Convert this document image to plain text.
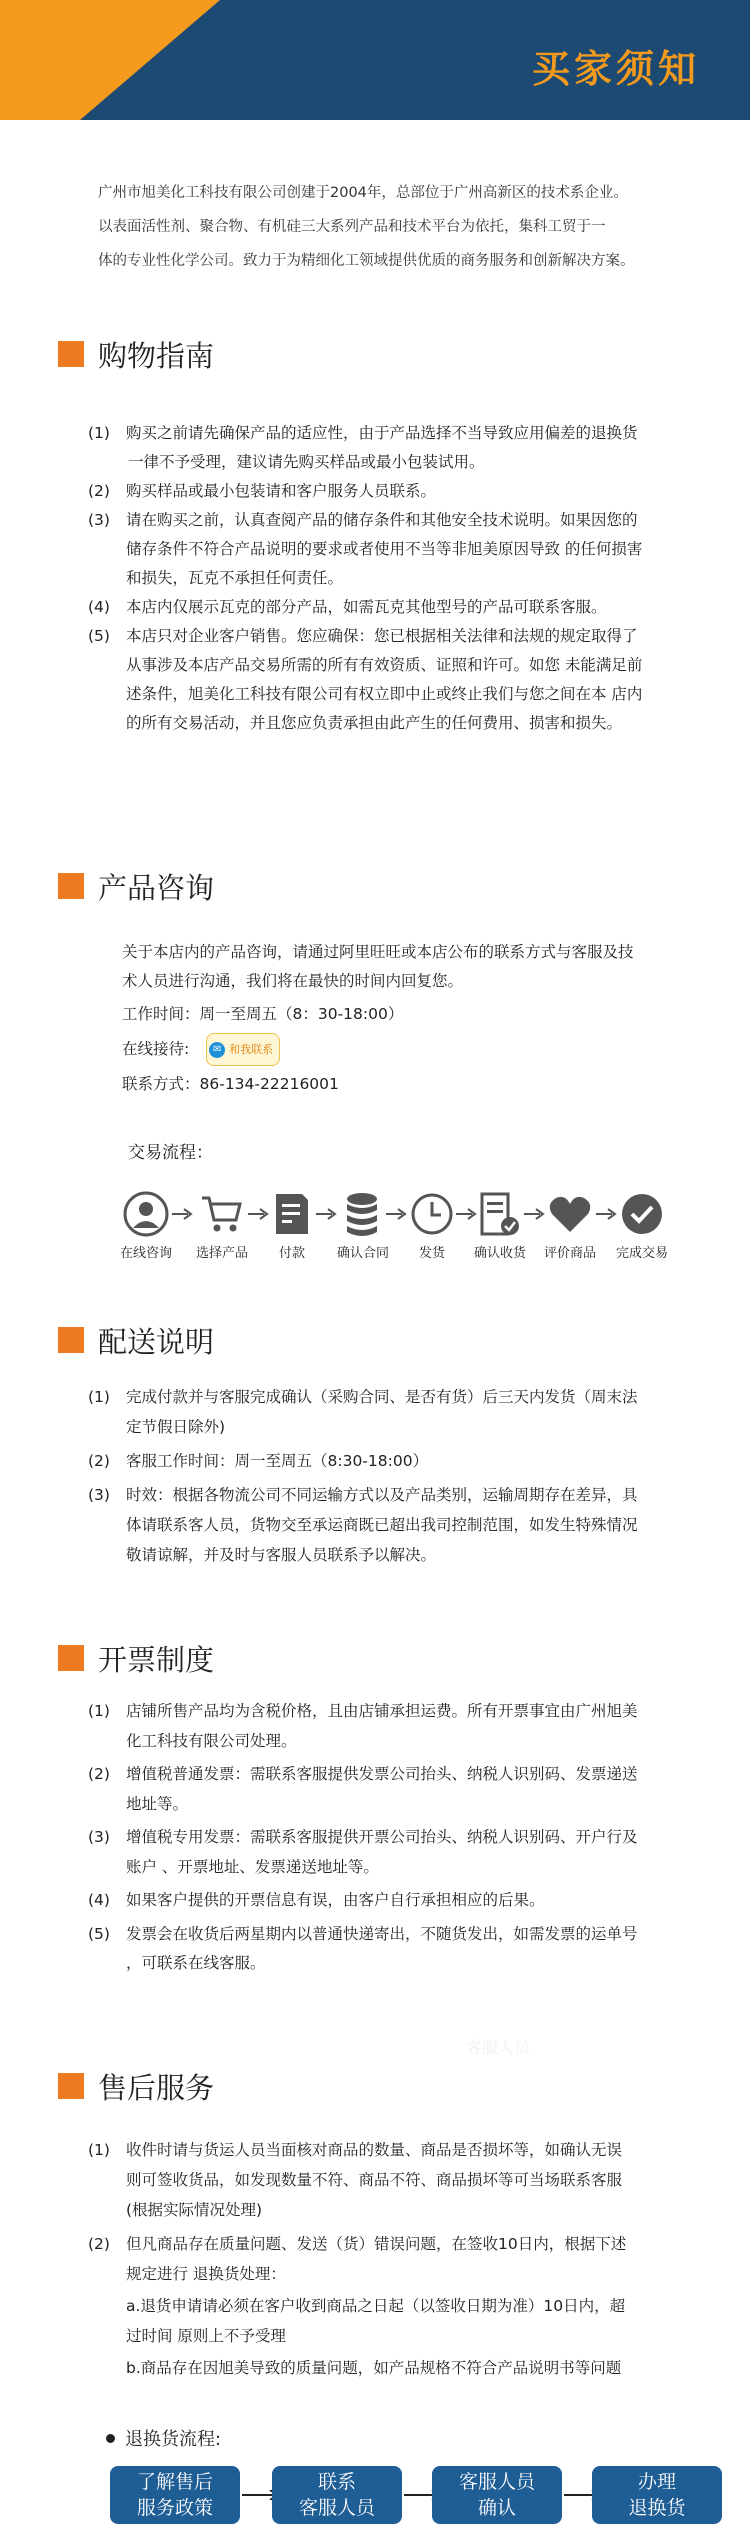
买家须知
广州市旭美化工科技有限公司创建于2004年，总部位于广州高新区的技术系企业。
以表面活性剂、聚合物、有机硅三大系列产品和技术平台为依托，集科工贸于一
体的专业性化学公司。致力于为精细化工领域提供优质的商务服务和创新解决方案。
购物指南
(1)	购买之前请先确保产品的适应性，由于产品选择不当导致应用偏差的退换货
一律不予受理，建议请先购买样品或最小包装试用。
(2)	购买样品或最小包装请和客户服务人员联系。
(3)	请在购买之前，认真查阅产品的储存条件和其他安全技术说明。如果因您的
储存条件不符合产品说明的要求或者使用不当等非旭美原因导致 的任何损害
和损失，瓦克不承担任何责任。
(4)	本店内仅展示瓦克的部分产品，如需瓦克其他型号的产品可联系客服。
(5)	本店只对企业客户销售。您应确保：您已根据相关法律和法规的规定取得了
从事涉及本店产品交易所需的所有有效资质、证照和许可。如您 未能满足前
述条件，旭美化工科技有限公司有权立即中止或终止我们与您之间在本 店内
的所有交易活动，并且您应负责承担由此产生的任何费用、损害和损失。
产品咨询
关于本店内的产品咨询，请通过阿里旺旺或本店公布的联系方式与客服及技
术人员进行沟通，我们将在最快的时间内回复您。
工作时间：周一至周五（8：30-18:00）
在线接待:	✉ 和我联系
联系方式：86-134-22216001
交易流程：
在线咨询	选择产品	付款	确认合同	发货	确认收货	评价商品	完成交易
配送说明
(1)	完成付款并与客服完成确认（采购合同、是否有货）后三天内发货（周末法
定节假日除外)
(2)	客服工作时间：周一至周五（8:30-18:00）
(3)	时效：根据各物流公司不同运输方式以及产品类别，运输周期存在差异，具
体请联系客人员，货物交至承运商既已超出我司控制范围，如发生特殊情况
敬请谅解，并及时与客服人员联系予以解决。
开票制度
(1)	店铺所售产品均为含税价格，且由店铺承担运费。所有开票事宜由广州旭美
化工科技有限公司处理。
(2)	增值税普通发票：需联系客服提供发票公司抬头、纳税人识别码、发票递送
地址等。
(3)	增值税专用发票：需联系客服提供开票公司抬头、纳税人识别码、开户行及
账户 、开票地址、发票递送地址等。
(4)	如果客户提供的开票信息有误，由客户自行承担相应的后果。
(5)	发票会在收货后两星期内以普通快递寄出，不随货发出，如需发票的运单号
，可联系在线客服。
客服人员
售后服务
(1)	收件时请与货运人员当面核对商品的数量、商品是否损坏等，如确认无误
则可签收货品，如发现数量不符、商品不符、商品损坏等可当场联系客服
(根据实际情况处理)
(2)	但凡商品存在质量问题、发送（货）错误问题，在签收10日内，根据下述
规定进行 退换货处理：
a.退货申请请必须在客户收到商品之日起（以签收日期为准）10日内，超
过时间 原则上不予受理
b.商品存在因旭美导致的质量问题，如产品规格不符合产品说明书等问题
退换货流程:
了解售后
服务政策
联系
客服人员
客服人员
确认
办理
退换货
